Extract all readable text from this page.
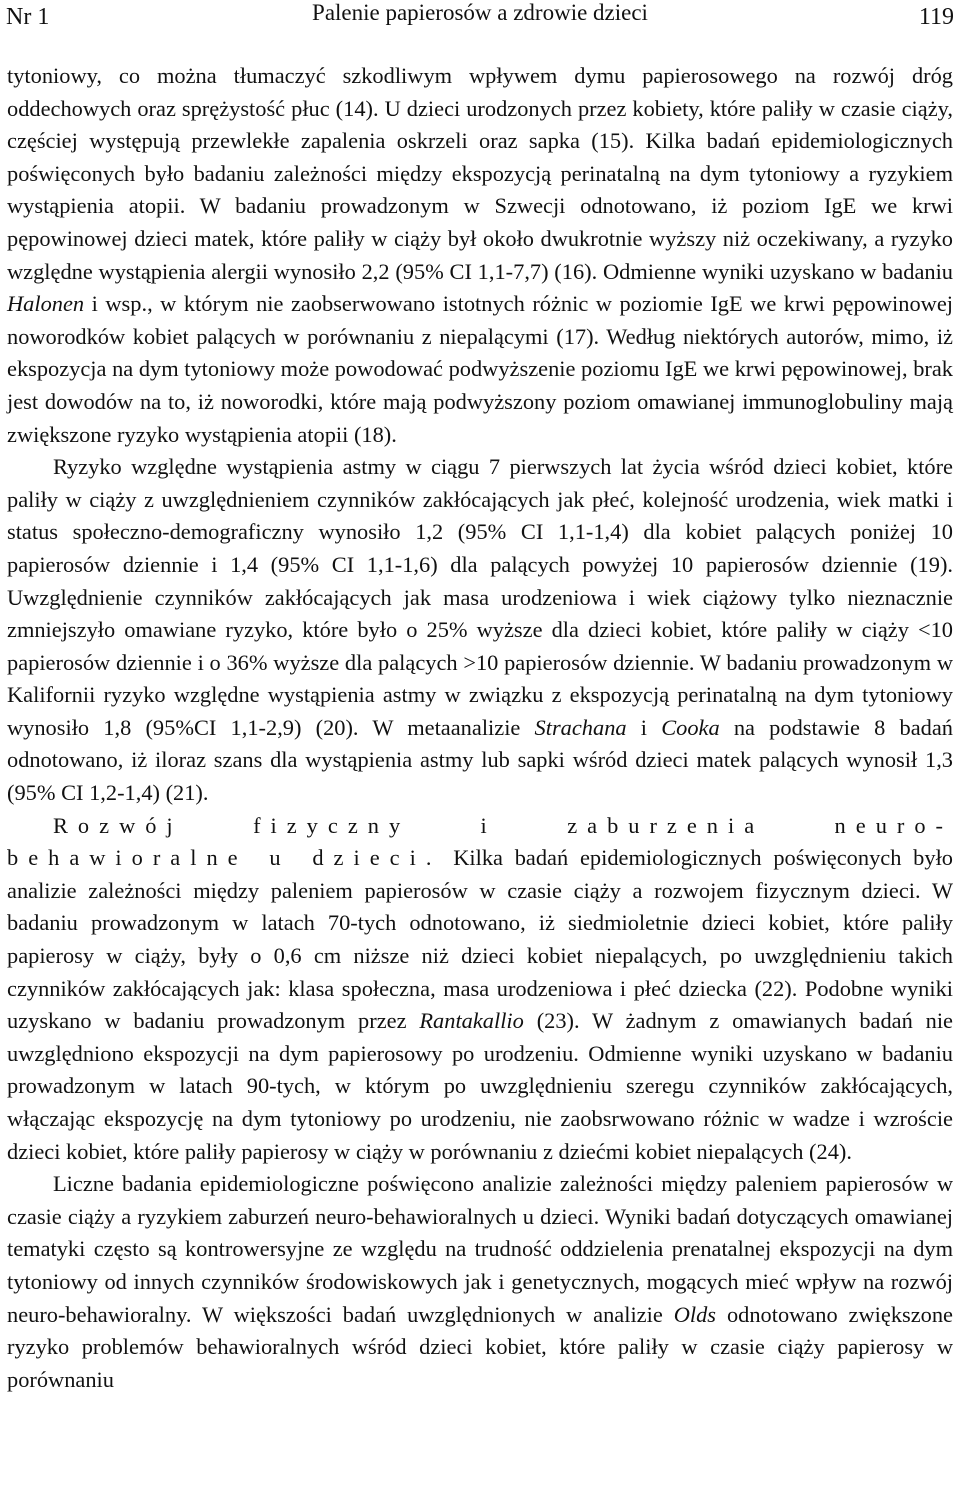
Nr 1	Palenie papierosów a zdrowie dzieci	119

tytoniowy, co można tłumaczyć szkodliwym wpływem dymu papierosowego na rozwój dróg oddechowych oraz sprężystość płuc (14). U dzieci urodzonych przez kobiety, które paliły w czasie ciąży, częściej występują przewlekłe zapalenia oskrzeli oraz sapka (15). Kilka badań epidemiologicznych poświęconych było badaniu zależności między ekspozycją perinatalną na dym tytoniowy a ryzykiem wystąpienia atopii. W badaniu prowadzonym w Szwecji odnotowano, iż poziom IgE we krwi pępowinowej dzieci matek, które paliły w ciąży był około dwukrotnie wyższy niż oczekiwany, a ryzyko względne wystąpienia alergii wynosiło 2,2 (95% CI 1,1-7,7) (16). Odmienne wyniki uzyskano w badaniu Halonen i wsp., w którym nie zaobserwowano istotnych różnic w poziomie IgE we krwi pępowinowej noworodków kobiet palących w porównaniu z niepalącymi (17). Według niektórych autorów, mimo, iż ekspozycja na dym tytoniowy może powodować podwyższenie poziomu IgE we krwi pępowinowej, brak jest dowodów na to, iż noworodki, które mają podwyższony poziom omawianej immunoglobuliny mają zwiększone ryzyko wystąpienia atopii (18).

Ryzyko względne wystąpienia astmy w ciągu 7 pierwszych lat życia wśród dzieci kobiet, które paliły w ciąży z uwzględnieniem czynników zakłócających jak płeć, kolejność urodzenia, wiek matki i status społeczno-demograficzny wynosiło 1,2 (95% CI 1,1-1,4) dla kobiet palących poniżej 10 papierosów dziennie i 1,4 (95% CI 1,1-1,6) dla palących powyżej 10 papierosów dziennie (19). Uwzględnienie czynników zakłócających jak masa urodzeniowa i wiek ciążowy tylko nieznacznie zmniejszyło omawiane ryzyko, które było o 25% wyższe dla dzieci kobiet, które paliły w ciąży <10 papierosów dziennie i o 36% wyższe dla palących >10 papierosów dziennie. W badaniu prowadzonym w Kalifornii ryzyko względne wystąpienia astmy w związku z ekspozycją perinatalną na dym tytoniowy wynosiło 1,8 (95%CI 1,1-2,9) (20). W metaanalizie Strachana i Cooka na podstawie 8 badań odnotowano, iż iloraz szans dla wystąpienia astmy lub sapki wśród dzieci matek palących wynosił 1,3 (95% CI 1,2-1,4) (21).

Rozwój fizyczny i zaburzenia neuro-behawioralne u dzieci. Kilka badań epidemiologicznych poświęconych było analizie zależności między paleniem papierosów w czasie ciąży a rozwojem fizycznym dzieci. W badaniu prowadzonym w latach 70-tych odnotowano, iż siedmioletnie dzieci kobiet, które paliły papierosy w ciąży, były o 0,6 cm niższe niż dzieci kobiet niepalących, po uwzględnieniu takich czynników zakłócających jak: klasa społeczna, masa urodzeniowa i płeć dziecka (22). Podobne wyniki uzyskano w badaniu prowadzonym przez Rantakallio (23). W żadnym z omawianych badań nie uwzględniono ekspozycji na dym papierosowy po urodzeniu. Odmienne wyniki uzyskano w badaniu prowadzonym w latach 90-tych, w którym po uwzględnieniu szeregu czynników zakłócających, włączając ekspozycję na dym tytoniowy po urodzeniu, nie zaobsrwowano różnic w wadze i wzroście dzieci kobiet, które paliły papierosy w ciąży w porównaniu z dziećmi kobiet niepalących (24).

Liczne badania epidemiologiczne poświęcono analizie zależności między paleniem papierosów w czasie ciąży a ryzykiem zaburzeń neuro-behawioralnych u dzieci. Wyniki badań dotyczących omawianej tematyki często są kontrowersyjne ze względu na trudność oddzielenia prenatalnej ekspozycji na dym tytoniowy od innych czynników środowiskowych jak i genetycznych, mogących mieć wpływ na rozwój neuro-behawioralny. W większości badań uwzględnionych w analizie Olds odnotowano zwiększone ryzyko problemów behawioralnych wśród dzieci kobiet, które paliły w czasie ciąży papierosy w porównaniu
